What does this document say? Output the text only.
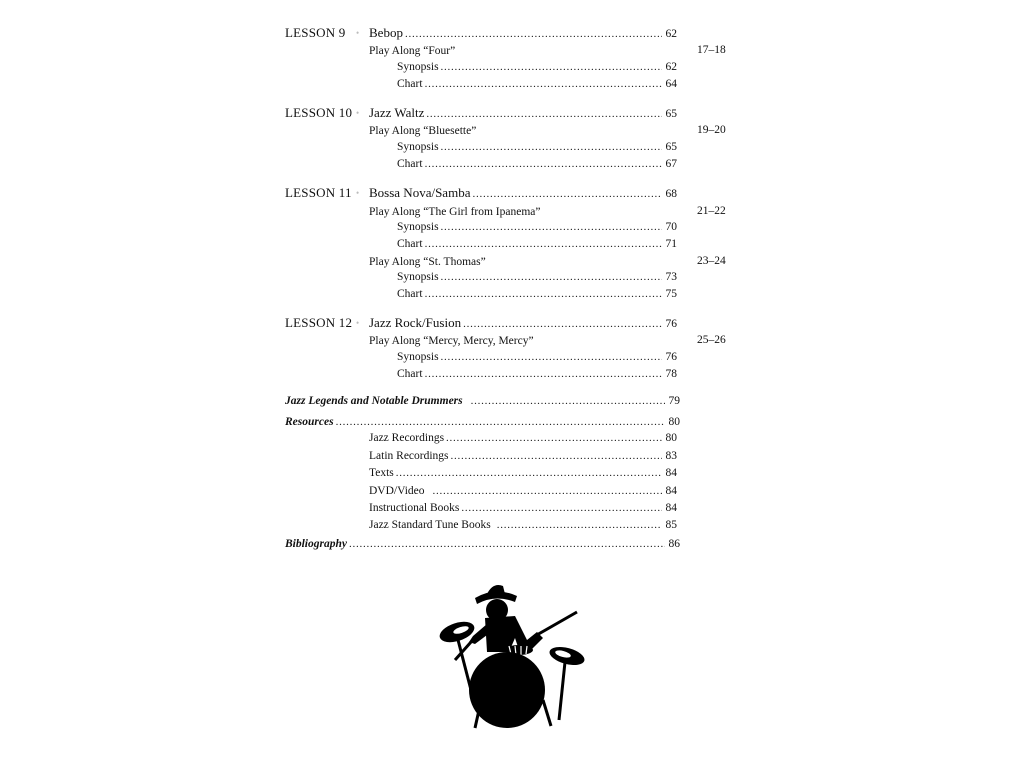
LESSON 9 • Bebop . . .	62
Play Along “Four”	17–18
Synopsis . . .	62
Chart . . .	64
LESSON 10 • Jazz Waltz . . .	65
Play Along “Bluesette”	19–20
Synopsis . . .	65
Chart . . .	67
LESSON 11 • Bossa Nova/Samba . . .	68
Play Along “The Girl from Ipanema”	21–22
Synopsis . . .	70
Chart . . .	71
Play Along “St. Thomas”	23–24
Synopsis . . .	73
Chart . . .	75
LESSON 12 • Jazz Rock/Fusion . . .	76
Play Along “Mercy, Mercy, Mercy”	25–26
Synopsis . . .	76
Chart . . .	78
Jazz Legends and Notable Drummers . . .	79
Resources . . .	80
Jazz Recordings . . .	80
Latin Recordings . . .	83
Texts . . .	84
DVD/Video . . .	84
Instructional Books . . .	84
Jazz Standard Tune Books . . .	85
Bibliography . . .	86
